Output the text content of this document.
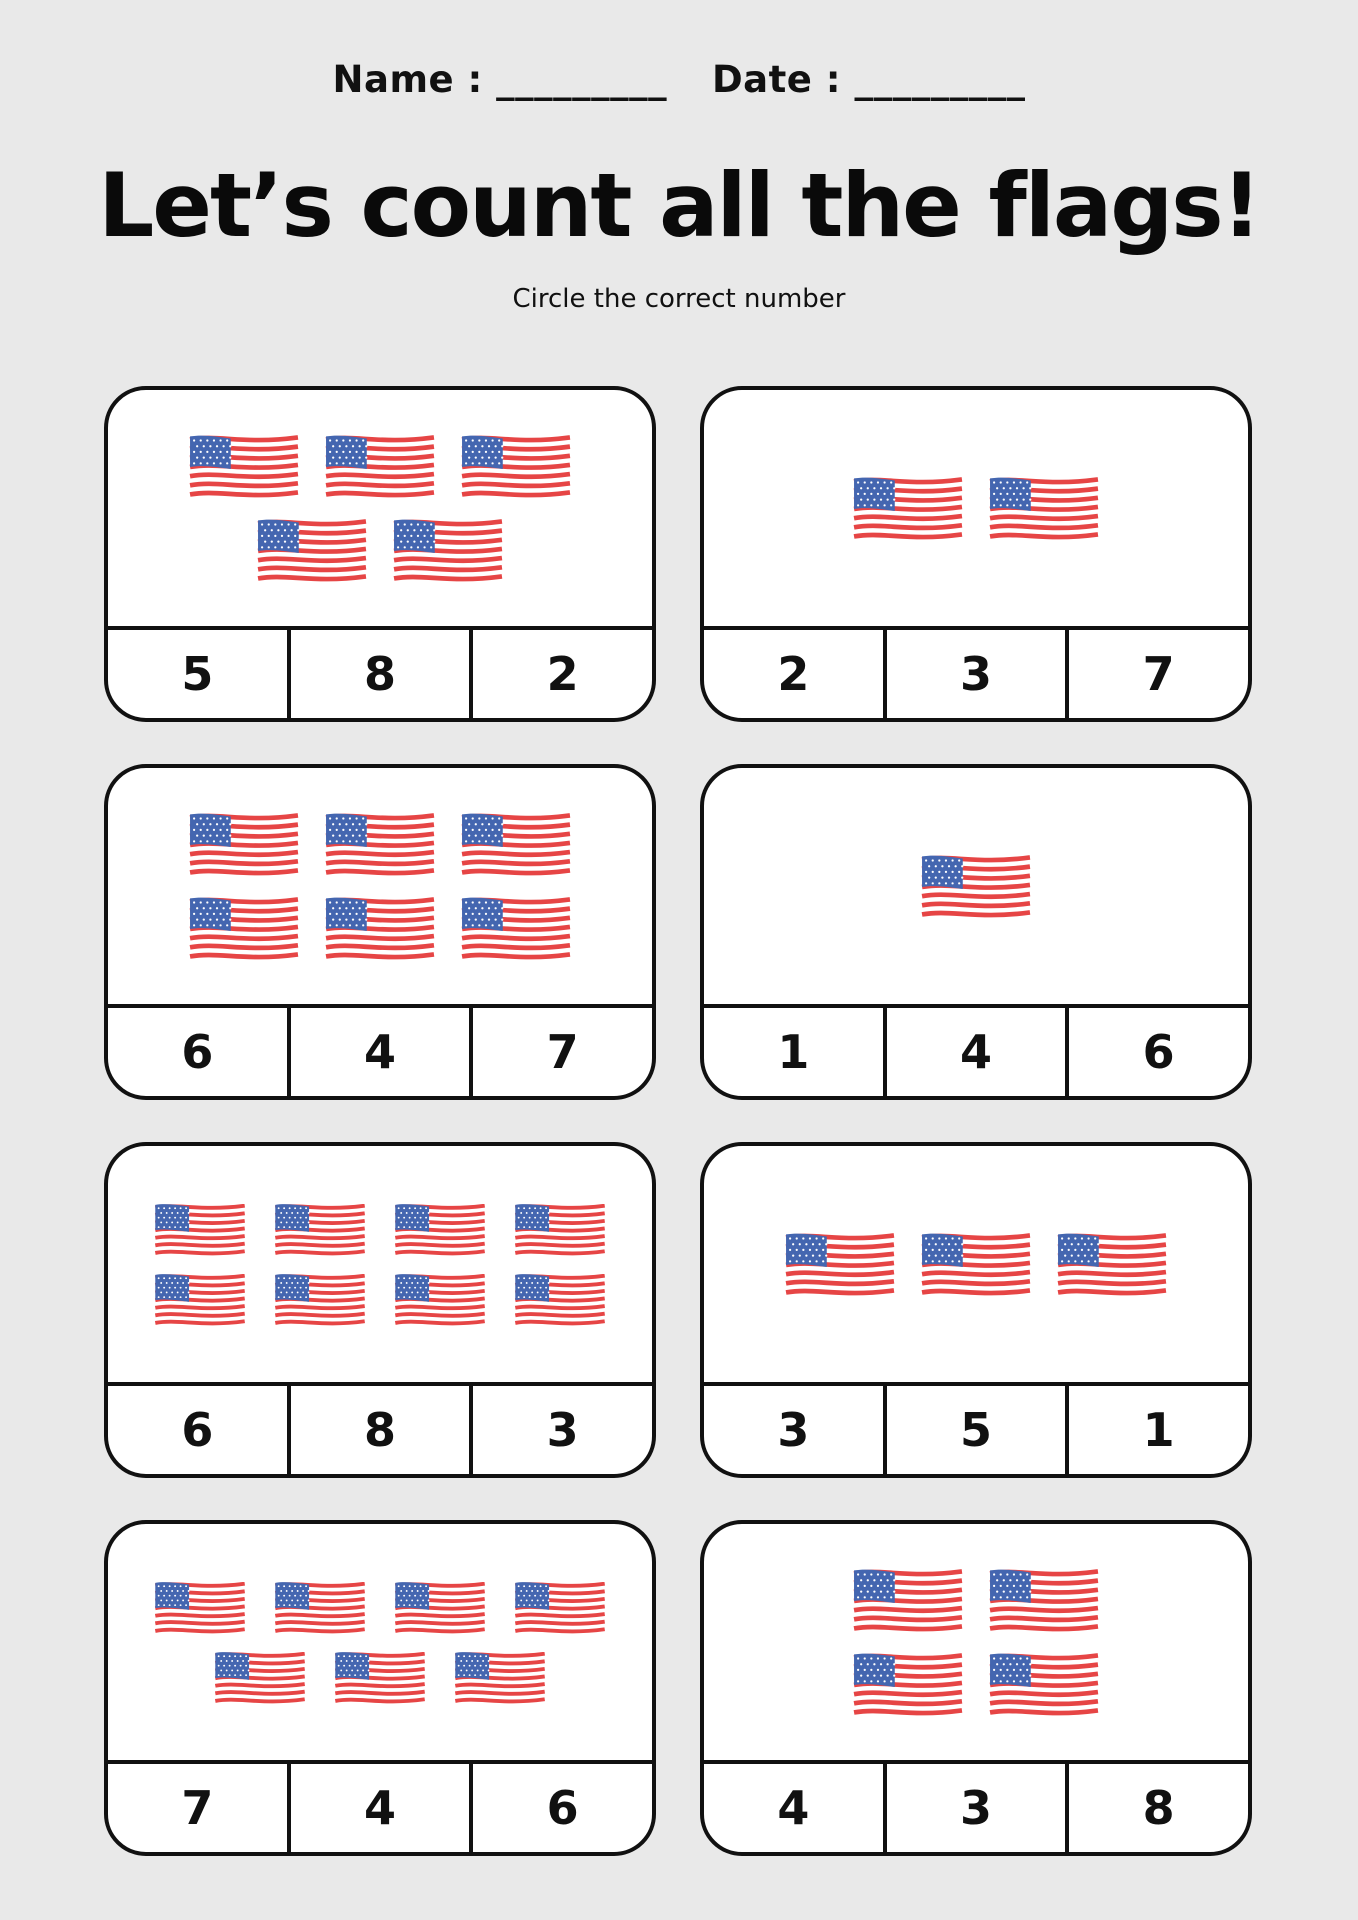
Name : _________ Date : _________
Let’s count all the flags!
Circle the correct number
5	8	2	2	3	7
6	4	7	1	4	6
6	8	3	3	5	1
7	4	6	4	3	8
